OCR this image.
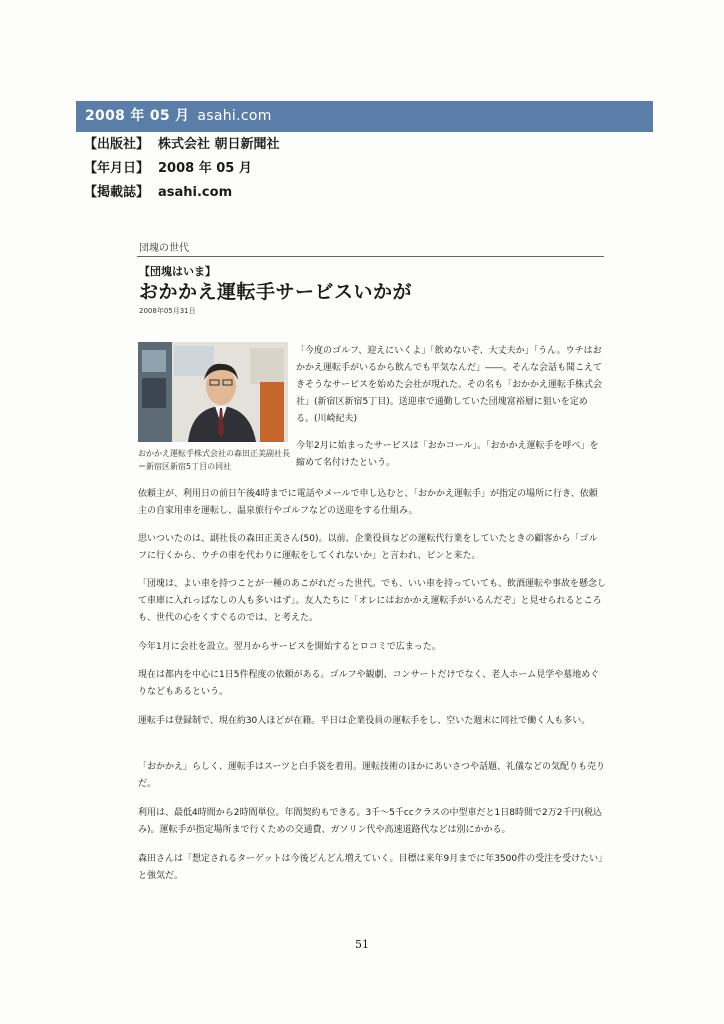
2008 年 05 月 asahi.com
【出版社】 株式会社 朝日新聞社
【年月日】 2008 年 05 月
【掲載誌】 asahi.com
団塊の世代
【団塊はいま】
おかかえ運転手サービスいかが
2008年05月31日
おかかえ運転手株式会社の森田正美副社長＝新宿区新宿5丁目の同社
「今度のゴルフ、迎えにいくよ」「飲めないぞ、大丈夫か」「うん。ウチはおかかえ運転手がいるから飲んでも平気なんだ」――。そんな会話も聞こえてきそうなサービスを始めた会社が現れた。その名も「おかかえ運転手株式会社」(新宿区新宿5丁目)。送迎車で通勤していた団塊富裕層に狙いを定める。(川崎紀夫)
今年2月に始まったサービスは「おかコール」。「おかかえ運転手を呼べ」を縮めて名付けたという。

依頼主が、利用日の前日午後4時までに電話やメールで申し込むと、「おかかえ運転手」が指定の場所に行き、依頼主の自家用車を運転し、温泉旅行やゴルフなどの送迎をする仕組み。

思いついたのは、副社長の森田正美さん(50)。以前、企業役員などの運転代行業をしていたときの顧客から「ゴルフに行くから、ウチの車を代わりに運転をしてくれないか」と言われ、ピンと来た。

「団塊は、よい車を持つことが一種のあこがれだった世代。でも、いい車を持っていても、飲酒運転や事故を懸念して車庫に入れっぱなしの人も多いはず」。友人たちに「オレにはおかかえ運転手がいるんだぞ」と見せられるところも、世代の心をくすぐるのでは、と考えた。

今年1月に会社を設立。翌月からサービスを開始するとロコミで広まった。

現在は都内を中心に1日5件程度の依頼がある。ゴルフや観劇、コンサートだけでなく、老人ホーム見学や墓地めぐりなどもあるという。

運転手は登録制で、現在約30人ほどが在籍。平日は企業役員の運転手をし、空いた週末に同社で働く人も多い。

「おかかえ」らしく、運転手はスーツと白手袋を着用。運転技術のほかにあいさつや話題、礼儀などの気配りも売りだ。

利用は、最低4時間から2時間単位。年間契約もできる。3千～5千ccクラスの中型車だと1日8時間で2万2千円(税込み)。運転手が指定場所まで行くための交通費、ガソリン代や高速道路代などは別にかかる。

森田さんは「想定されるターゲットは今後どんどん増えていく。目標は来年9月までに年3500件の受注を受けたい」と強気だ。

51
